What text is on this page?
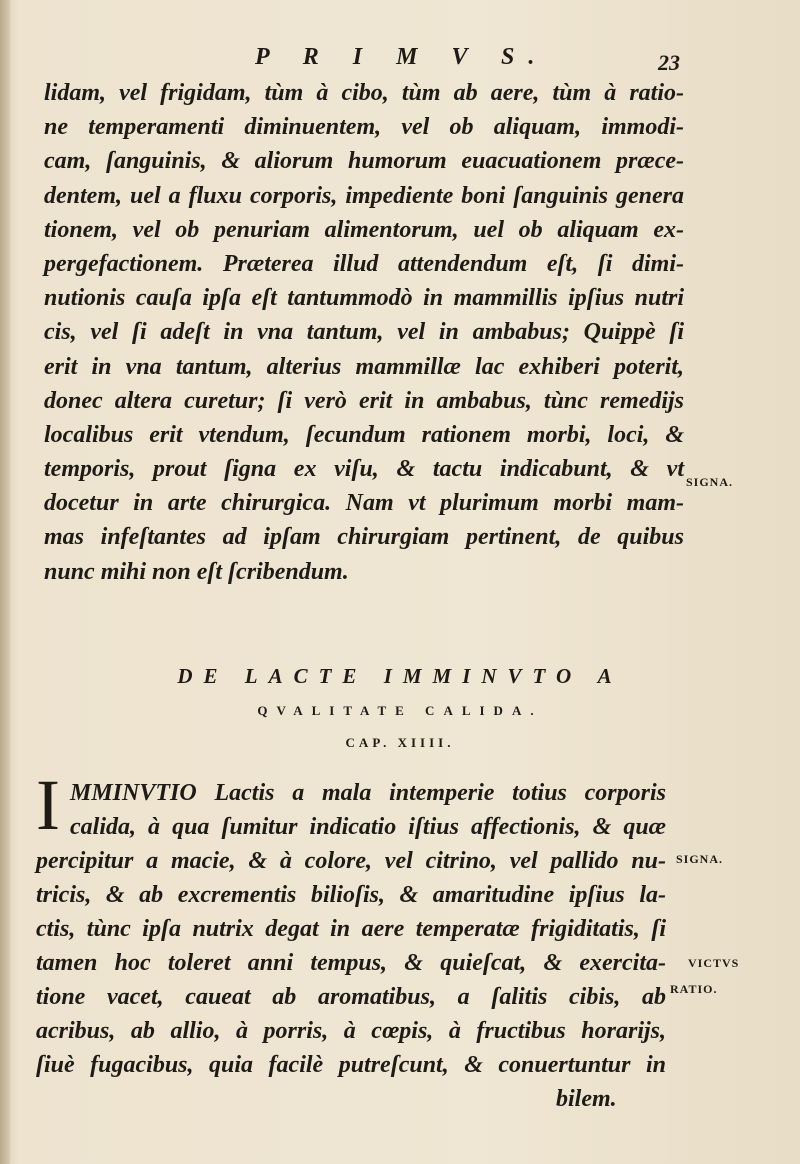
P R I M V S.	23
lidam, vel frigidam, tùm à cibo, tùm ab aere, tùm à ratio-
ne temperamenti diminuentem, vel ob aliquam, immodi-
cam, ſanguinis, & aliorum humorum euacuationem præce-
dentem, uel a fluxu corporis, impediente boni ſanguinis genera
tionem, vel ob penuriam alimentorum, uel ob aliquam ex-
pergefactionem. Præterea illud attendendum eſt, ſi dimi-
nutionis cauſa ipſa eſt tantummodò in mammillis ipſius nutri
cis, vel ſi adeſt in vna tantum, vel in ambabus; Quippè ſi
erit in vna tantum, alterius mammillæ lac exhiberi poterit,
donec altera curetur; ſi verò erit in ambabus, tùnc remedijs
localibus erit vtendum, ſecundum rationem morbi, loci, &
temporis, prout ſigna ex viſu, & tactu indicabunt, & vt
docetur in arte chirurgica. Nam vt plurimum morbi mam-
mas infeſtantes ad ipſam chirurgiam pertinent, de quibus
nunc mihi non eſt ſcribendum.
SIGNA.
DE LACTE IMMINVTO A
QVALITATE CALIDA.
CAP. XIIII.
I MMINVTIO Lactis a mala intemperie totius corporis
calida, à qua ſumitur indicatio iſtius affectionis, & quæ
percipitur a macie, & à colore, vel citrino, vel pallido nu-
tricis, & ab excrementis bilioſis, & amaritudine ipſius la-
ctis, tùnc ipſa nutrix degat in aere temperatæ frigiditatis, ſi
tamen hoc toleret anni tempus, & quieſcat, & exercita-
tione vacet, caueat ab aromatibus, a ſalitis cibis, ab
acribus, ab allio, à porris, à cœpis, à fructibus horarijs,
ſiuè fugacibus, quia facilè putreſcunt, & conuertuntur in
bilem.
SIGNA.
VICTVS
RATIO.
